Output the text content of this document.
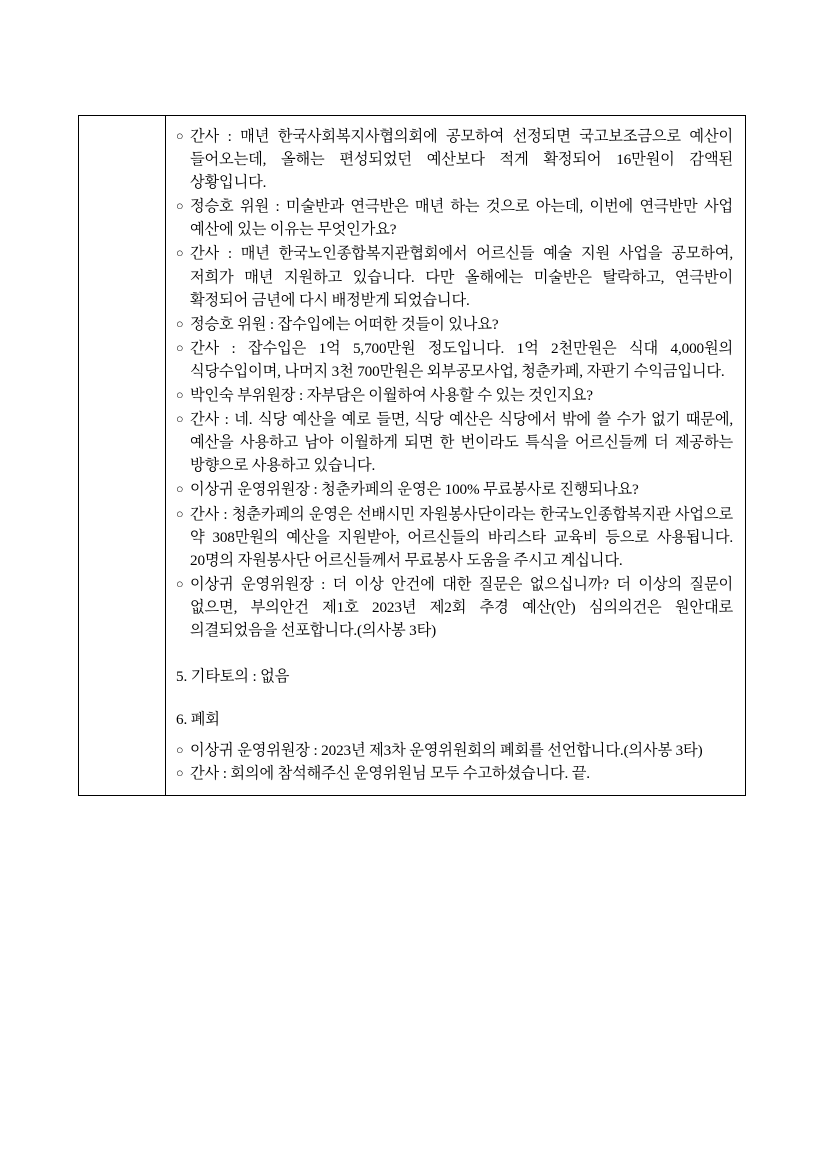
○ 간사 : 매년 한국사회복지사협의회에 공모하여 선정되면 국고보조금으로 예산이 들어오는데, 올해는 편성되었던 예산보다 적게 확정되어 16만원이 감액된 상황입니다.
○ 정승호 위원 : 미술반과 연극반은 매년 하는 것으로 아는데, 이번에 연극반만 사업 예산에 있는 이유는 무엇인가요?
○ 간사 : 매년 한국노인종합복지관협회에서 어르신들 예술 지원 사업을 공모하여, 저희가 매년 지원하고 있습니다. 다만 올해에는 미술반은 탈락하고, 연극반이 확정되어 금년에 다시 배정받게 되었습니다.
○ 정승호 위원 : 잡수입에는 어떠한 것들이 있나요?
○ 간사 : 잡수입은 1억 5,700만원 정도입니다. 1억 2천만원은 식대 4,000원의 식당수입이며, 나머지 3천 700만원은 외부공모사업, 청춘카페, 자판기 수익금입니다.
○ 박인숙 부위원장 : 자부담은 이월하여 사용할 수 있는 것인지요?
○ 간사 : 네. 식당 예산을 예로 들면, 식당 예산은 식당에서 밖에 쓸 수가 없기 때문에, 예산을 사용하고 남아 이월하게 되면 한 번이라도 특식을 어르신들께 더 제공하는 방향으로 사용하고 있습니다.
○ 이상귀 운영위원장 : 청춘카페의 운영은 100% 무료봉사로 진행되나요?
○ 간사 : 청춘카페의 운영은 선배시민 자원봉사단이라는 한국노인종합복지관 사업으로 약 308만원의 예산을 지원받아, 어르신들의 바리스타 교육비 등으로 사용됩니다. 20명의 자원봉사단 어르신들께서 무료봉사 도움을 주시고 계십니다.
○ 이상귀 운영위원장 : 더 이상 안건에 대한 질문은 없으십니까? 더 이상의 질문이 없으면, 부의안건 제1호 2023년 제2회 추경 예산(안) 심의의건은 원안대로 의결되었음을 선포합니다.(의사봉 3타)
5. 기타토의 : 없음
6. 폐회
○ 이상귀 운영위원장 : 2023년 제3차 운영위원회의 폐회를 선언합니다.(의사봉 3타)
○ 간사 : 회의에 참석해주신 운영위원님 모두 수고하셨습니다. 끝.
